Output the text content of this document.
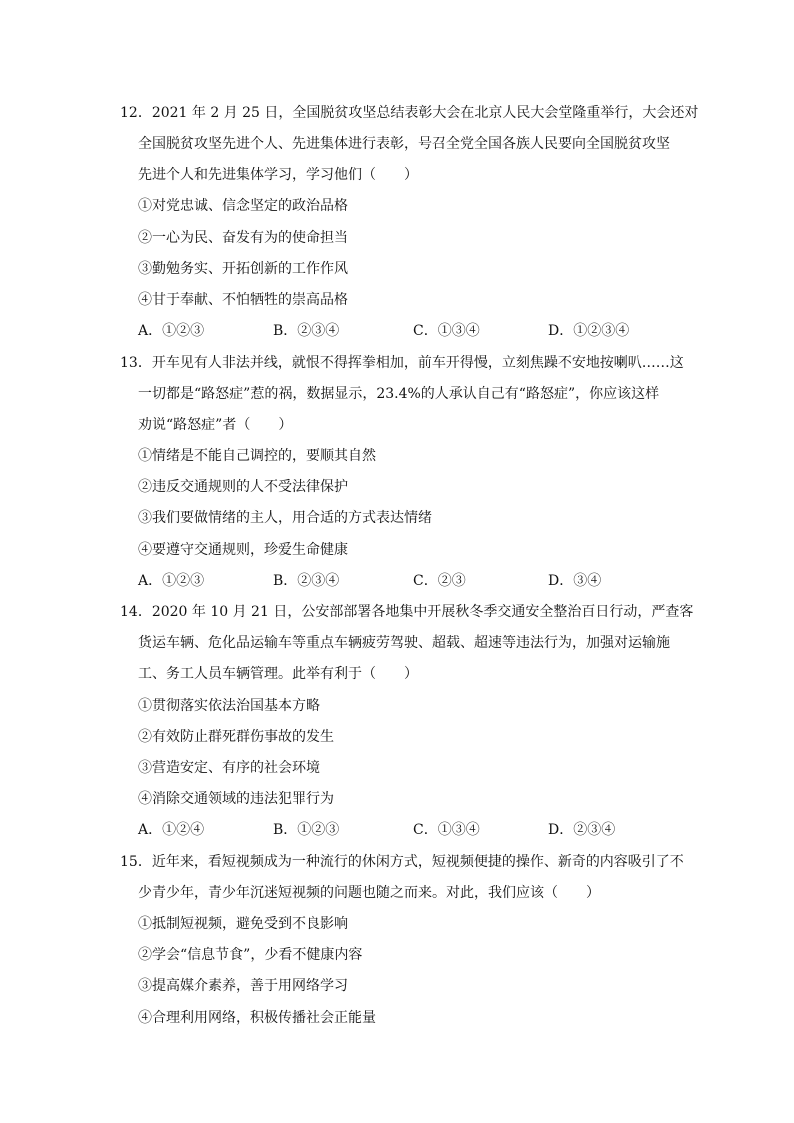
12．2021 年 2 月 25 日，全国脱贫攻坚总结表彰大会在北京人民大会堂隆重举行，大会还对
全国脱贫攻坚先进个人、先进集体进行表彰，号召全党全国各族人民要向全国脱贫攻坚
先进个人和先进集体学习，学习他们（　　）
①对党忠诚、信念坚定的政治品格
②一心为民、奋发有为的使命担当
③勤勉务实、开拓创新的工作作风
④甘于奉献、不怕牺牲的崇高品格
A．①②③	B．②③④	C．①③④	D．①②③④
13．开车见有人非法并线，就恨不得挥拳相加，前车开得慢，立刻焦躁不安地按喇叭……这
一切都是“路怒症”惹的祸，数据显示，23.4%的人承认自己有“路怒症”，你应该这样
劝说“路怒症”者（　　）
①情绪是不能自己调控的，要顺其自然
②违反交通规则的人不受法律保护
③我们要做情绪的主人，用合适的方式表达情绪
④要遵守交通规则，珍爱生命健康
A．①②③	B．②③④	C．②③	D．③④
14．2020 年 10 月 21 日，公安部部署各地集中开展秋冬季交通安全整治百日行动，严查客
货运车辆、危化品运输车等重点车辆疲劳驾驶、超载、超速等违法行为，加强对运输施
工、务工人员车辆管理。此举有利于（　　）
①贯彻落实依法治国基本方略
②有效防止群死群伤事故的发生
③营造安定、有序的社会环境
④消除交通领域的违法犯罪行为
A．①②④	B．①②③	C．①③④	D．②③④
15．近年来，看短视频成为一种流行的休闲方式，短视频便捷的操作、新奇的内容吸引了不
少青少年，青少年沉迷短视频的问题也随之而来。对此，我们应该（　　）
①抵制短视频，避免受到不良影响
②学会“信息节食”，少看不健康内容
③提高媒介素养，善于用网络学习
④合理利用网络，积极传播社会正能量
